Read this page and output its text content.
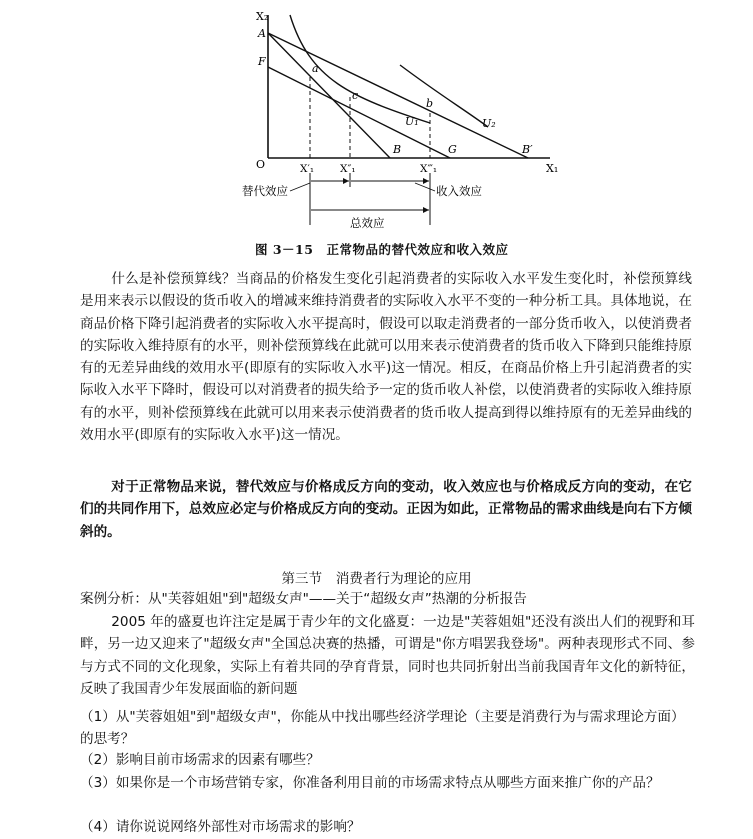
X₂
X₁
O
A
F
a
c
b
B	G	B′
U₁	U₂
X′₁ X″₁	X‴₁
替代效应	收入效应
总效应
图 3－15　正常物品的替代效应和收入效应

什么是补偿预算线？当商品的价格发生变化引起消费者的实际收入水平发生变化时，补偿预算线是用来表示以假设的货币收入的增减来维持消费者的实际收入水平不变的一种分析工具。具体地说，在商品价格下降引起消费者的实际收入水平提高时，假设可以取走消费者的一部分货币收入，以使消费者的实际收入维持原有的水平，则补偿预算线在此就可以用来表示使消费者的货币收入下降到只能维持原有的无差异曲线的效用水平(即原有的实际收入水平)这一情况。相反，在商品价格上升引起消费者的实际收入水平下降时，假设可以对消费者的损失给予一定的货币收人补偿，以使消费者的实际收入维持原有的水平，则补偿预算线在此就可以用来表示使消费者的货币收人提高到得以维持原有的无差异曲线的效用水平(即原有的实际收入水平)这一情况。

对于正常物品来说，替代效应与价格成反方向的变动，收入效应也与价格成反方向的变动，在它们的共同作用下，总效应必定与价格成反方向的变动。正因为如此，正常物品的需求曲线是向右下方倾斜的。

第三节　消费者行为理论的应用

案例分析：从"芙蓉姐姐"到"超级女声"——关于“超级女声”热潮的分析报告

2005 年的盛夏也许注定是属于青少年的文化盛夏：一边是"芙蓉姐姐"还没有淡出人们的视野和耳畔，另一边又迎来了"超级女声"全国总决赛的热播，可谓是"你方唱罢我登场"。两种表现形式不同、参与方式不同的文化现象，实际上有着共同的孕育背景，同时也共同折射出当前我国青年文化的新特征，反映了我国青少年发展面临的新问题

（1）从"芙蓉姐姐"到"超级女声"，你能从中找出哪些经济学理论（主要是消费行为与需求理论方面）的思考？

（2）影响目前市场需求的因素有哪些？

（3）如果你是一个市场营销专家，你准备利用目前的市场需求特点从哪些方面来推广你的产品？

（4）请你说说网络外部性对市场需求的影响？
